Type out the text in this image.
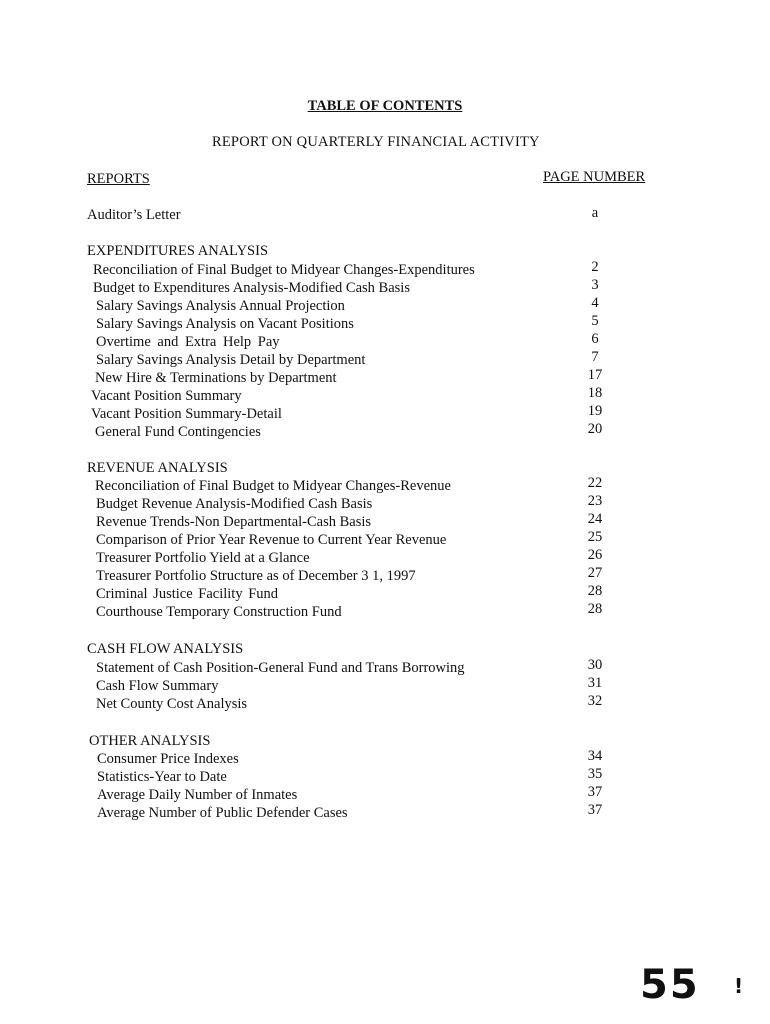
TABLE OF CONTENTS
REPORT ON QUARTERLY FINANCIAL ACTIVITY
REPORTS	PAGE NUMBER
Auditor’s Letter	a
EXPENDITURES ANALYSIS
Reconciliation of Final Budget to Midyear Changes-Expenditures	2
Budget to Expenditures Analysis-Modified Cash Basis	3
Salary Savings Analysis Annual Projection	4
Salary Savings Analysis on Vacant Positions	5
Overtime and Extra Help Pay	6
Salary Savings Analysis Detail by Department	7
New Hire & Terminations by Department	17
Vacant Position Summary	18
Vacant Position Summary-Detail	19
General Fund Contingencies	20
REVENUE ANALYSIS
Reconciliation of Final Budget to Midyear Changes-Revenue	22
Budget Revenue Analysis-Modified Cash Basis	23
Revenue Trends-Non Departmental-Cash Basis	24
Comparison of Prior Year Revenue to Current Year Revenue	25
Treasurer Portfolio Yield at a Glance	26
Treasurer Portfolio Structure as of December 3 1, 1997	27
Criminal Justice Facility Fund	28
Courthouse Temporary Construction Fund	28
CASH FLOW ANALYSIS
Statement of Cash Position-General Fund and Trans Borrowing	30
Cash Flow Summary	31
Net County Cost Analysis	32
OTHER ANALYSIS
Consumer Price Indexes	34
Statistics-Year to Date	35
Average Daily Number of Inmates	37
Average Number of Public Defender Cases	37
55 !
